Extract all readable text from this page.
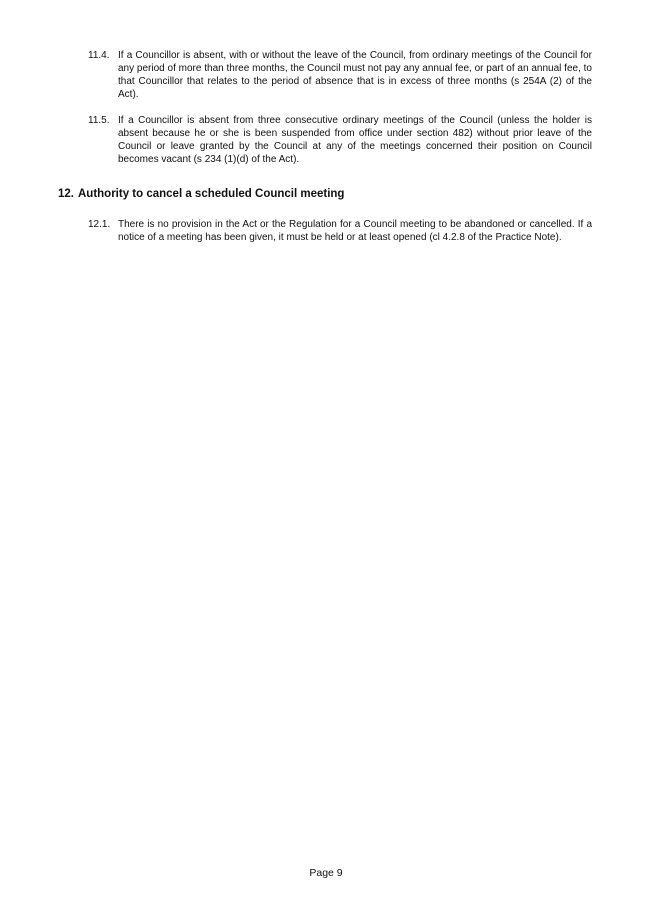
11.4. If a Councillor is absent, with or without the leave of the Council, from ordinary meetings of the Council for any period of more than three months, the Council must not pay any annual fee, or part of an annual fee, to that Councillor that relates to the period of absence that is in excess of three months (s 254A (2) of the Act).
11.5. If a Councillor is absent from three consecutive ordinary meetings of the Council (unless the holder is absent because he or she is been suspended from office under section 482) without prior leave of the Council or leave granted by the Council at any of the meetings concerned their position on Council becomes vacant (s 234 (1)(d) of the Act).
12. Authority to cancel a scheduled Council meeting
12.1. There is no provision in the Act or the Regulation for a Council meeting to be abandoned or cancelled. If a notice of a meeting has been given, it must be held or at least opened (cl 4.2.8 of the Practice Note).
Page 9
